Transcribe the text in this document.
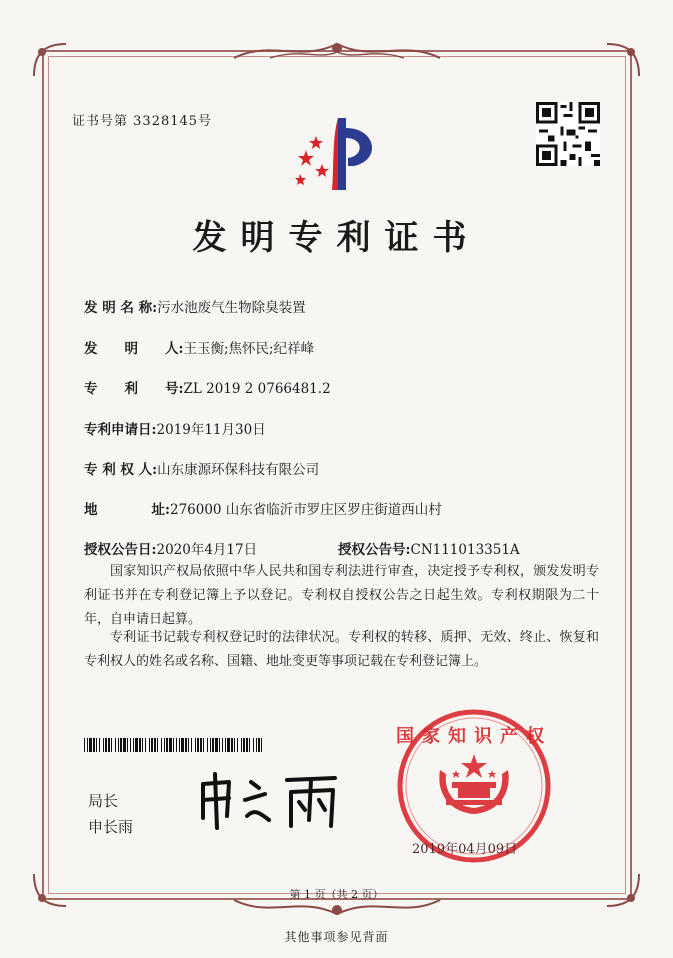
证书号第 3328145号
发明专利证书
发 明 名 称:污水池废气生物除臭装置
发　　明　　人:王玉衡;焦怀民;纪祥峰
专　　利　　号:ZL 2019 2 0766481.2
专利申请日:2019年11月30日
专 利 权 人:山东康源环保科技有限公司
地　　　　址:276000 山东省临沂市罗庄区罗庄街道西山村
授权公告日:2020年4月17日	授权公告号:CN111013351A

国家知识产权局依照中华人民共和国专利法进行审查，决定授予专利权，颁发发明专利证书并在专利登记簿上予以登记。专利权自授权公告之日起生效。专利权期限为二十年，自申请日起算。

专利证书记载专利权登记时的法律状况。专利权的转移、质押、无效、终止、恢复和专利权人的姓名或名称、国籍、地址变更等事项记载在专利登记簿上。

局长
申长雨
国家知识产权
2019年04月09日
第 1 页（共 2 页）
其他事项参见背面
